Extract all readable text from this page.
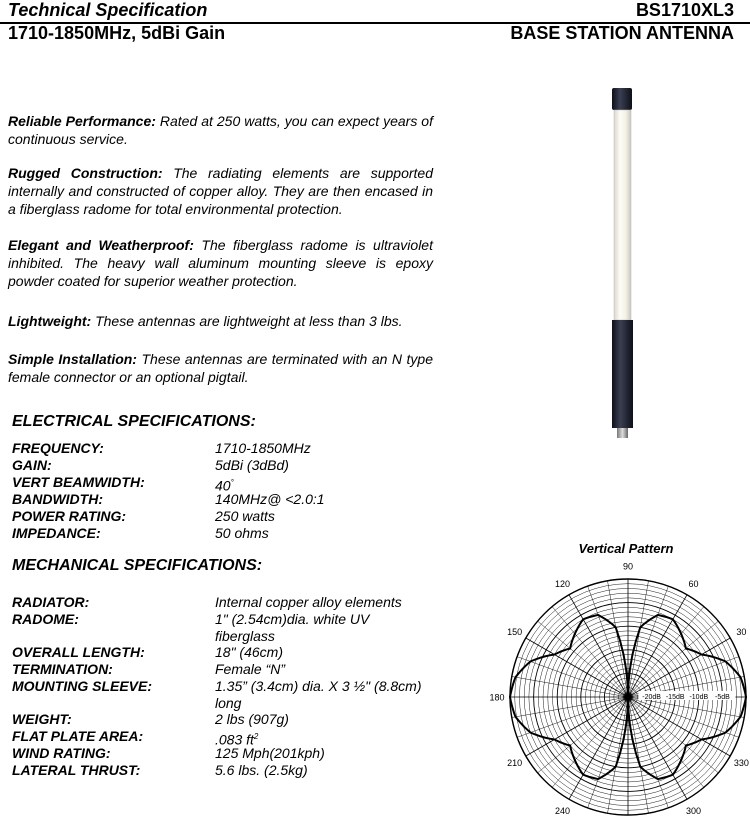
Technical Specification	BS1710XL3
1710-1850MHz, 5dBi Gain	BASE STATION ANTENNA
Reliable Performance: Rated at 250 watts, you can expect years of continuous service.
Rugged Construction: The radiating elements are supported internally and constructed of copper alloy. They are then encased in a fiberglass radome for total environmental protection.
Elegant and Weatherproof: The fiberglass radome is ultraviolet inhibited. The heavy wall aluminum mounting sleeve is epoxy powder coated for superior weather protection.
Lightweight: These antennas are lightweight at less than 3 lbs.
Simple Installation: These antennas are terminated with an N type female connector or an optional pigtail.
ELECTRICAL SPECIFICATIONS:
FREQUENCY:	1710-1850MHz
GAIN:	5dBi (3dBd)
VERT BEAMWIDTH:	40°
BANDWIDTH:	140MHz@ <2.0:1
POWER RATING:	250 watts
IMPEDANCE:	50 ohms
MECHANICAL SPECIFICATIONS:
RADIATOR:	Internal copper alloy elements
RADOME:	1" (2.54cm)dia. white UV fiberglass
OVERALL LENGTH:	18" (46cm)
TERMINATION:	Female “N”
MOUNTING SLEEVE:	1.35” (3.4cm) dia. X 3 ½" (8.8cm) long
WEIGHT:	2 lbs (907g)
FLAT PLATE AREA:	.083 $ft^2$
WIND RATING:	125 Mph(201kph)
LATERAL THRUST:	5.6 lbs. (2.5kg)
Vertical Pattern
90
60
30
330
300
240
210
180
150
120
-20dB -15dB -10dB -5dB
